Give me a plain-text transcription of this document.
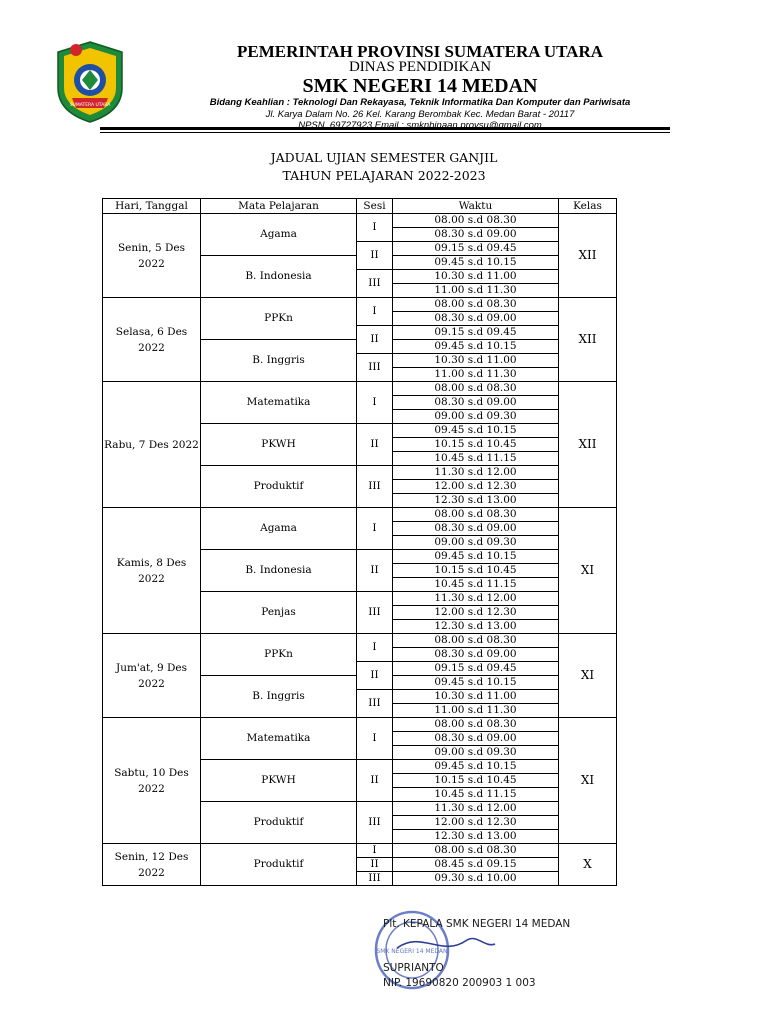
SUMATERA UTARA
PEMERINTAH PROVINSI SUMATERA UTARA
DINAS PENDIDIKAN
SMK NEGERI 14 MEDAN
Bidang Keahlian : Teknologi Dan Rekayasa, Teknik Informatika Dan Komputer dan Pariwisata
Jl. Karya Dalam No. 26 Kel. Karang Berombak Kec. Medan Barat - 20117
NPSN. 69727923 Email : smknbinaan.provsu@gmail.com
JADUAL UJIAN SEMESTER GANJIL
TAHUN PELAJARAN 2022-2023
Hari, Tanggal	Mata Pelajaran	Sesi	Waktu	Kelas
Senin, 5 Des 2022	Agama	I	08.00 s.d 08.30	XII
			08.30 s.d 09.00	
		II	09.15 s.d 09.45	
	B. Indonesia		09.45 s.d 10.15	
		III	10.30 s.d 11.00	
			11.00 s.d 11.30	
Selasa, 6 Des 2022	PPKn	I	08.00 s.d 08.30	XII
			08.30 s.d 09.00	
		II	09.15 s.d 09.45	
	B. Inggris		09.45 s.d 10.15	
		III	10.30 s.d 11.00	
			11.00 s.d 11.30	
Rabu, 7 Des 2022	Matematika	I	08.00 s.d 08.30	XII
			08.30 s.d 09.00	
			09.00 s.d 09.30	
	PKWH	II	09.45 s.d 10.15	
			10.15 s.d 10.45	
			10.45 s.d 11.15	
	Produktif	III	11.30 s.d 12.00	
			12.00 s.d 12.30	
			12.30 s.d 13.00	
Kamis, 8 Des 2022	Agama	I	08.00 s.d 08.30	XI
			08.30 s.d 09.00	
			09.00 s.d 09.30	
	B. Indonesia	II	09.45 s.d 10.15	
			10.15 s.d 10.45	
			10.45 s.d 11.15	
	Penjas	III	11.30 s.d 12.00	
			12.00 s.d 12.30	
			12.30 s.d 13.00	
Jum'at, 9 Des 2022	PPKn	I	08.00 s.d 08.30	XI
			08.30 s.d 09.00	
		II	09.15 s.d 09.45	
	B. Inggris		09.45 s.d 10.15	
		III	10.30 s.d 11.00	
			11.00 s.d 11.30	
Sabtu, 10 Des 2022	Matematika	I	08.00 s.d 08.30	XI
			08.30 s.d 09.00	
			09.00 s.d 09.30	
	PKWH	II	09.45 s.d 10.15	
			10.15 s.d 10.45	
			10.45 s.d 11.15	
	Produktif	III	11.30 s.d 12.00	
			12.00 s.d 12.30	
			12.30 s.d 13.00	
Senin, 12 Des 2022	Produktif	I	08.00 s.d 08.30	X
		II	08.45 s.d 09.15	
		III	09.30 s.d 10.00	
SMK NEGERI 14 MEDAN
Plt. KEPALA SMK NEGERI 14 MEDAN
SUPRIANTO
NIP. 19690820 200903 1 003
